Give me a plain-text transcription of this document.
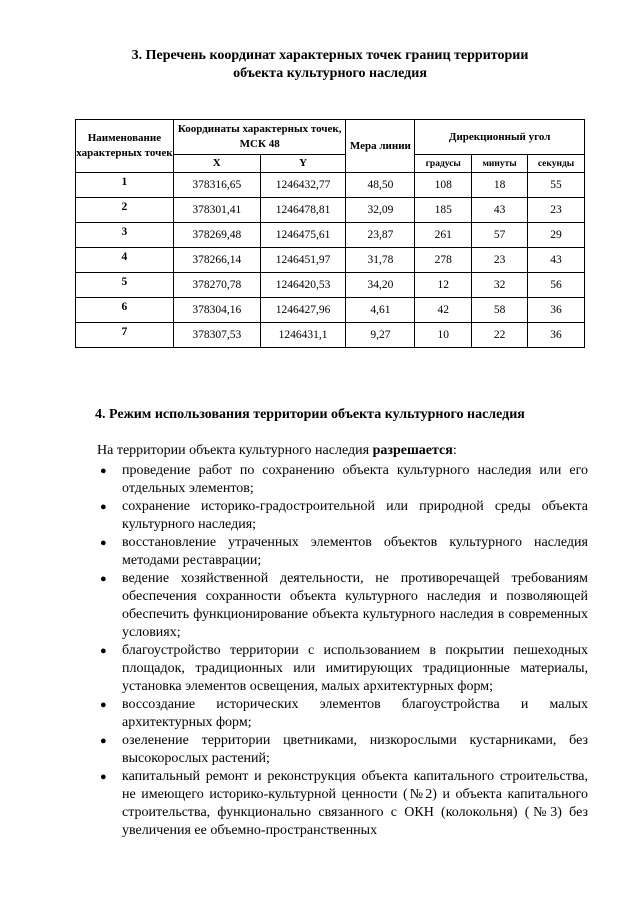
3. Перечень координат характерных точек границ территории
объекта культурного наследия
Наименование характерных точек	Координаты характерных точек, МСК 48		Мера линии	Дирекционный угол		
	X	Y		градусы	минуты	секунды
1	378316,65	1246432,77	48,50	108	18	55
2	378301,41	1246478,81	32,09	185	43	23
3	378269,48	1246475,61	23,87	261	57	29
4	378266,14	1246451,97	31,78	278	23	43
5	378270,78	1246420,53	34,20	12	32	56
6	378304,16	1246427,96	4,61	42	58	36
7	378307,53	1246431,1	9,27	10	22	36
4. Режим использования территории объекта культурного наследия
На территории объекта культурного наследия разрешается:
● проведение работ по сохранению объекта культурного наследия или его отдельных элементов;
● сохранение историко-градостроительной или природной среды объекта культурного наследия;
● восстановление утраченных элементов объектов культурного наследия методами реставрации;
● ведение хозяйственной деятельности, не противоречащей требованиям обеспечения сохранности объекта культурного наследия и позволяющей обеспечить функционирование объекта культурного наследия в современных условиях;
● благоустройство территории с использованием в покрытии пешеходных площадок, традиционных или имитирующих традиционные материалы, установка элементов освещения, малых архитектурных форм;
● воссоздание исторических элементов благоустройства и малых архитектурных форм;
● озеленение территории цветниками, низкорослыми кустарниками, без высокорослых растений;
● капитальный ремонт и реконструкция объекта капитального строительства, не имеющего историко-культурной ценности (№2) и объекта капитального строительства, функционально связанного с ОКН (колокольня) (№3) без увеличения ее объемно-пространственных
